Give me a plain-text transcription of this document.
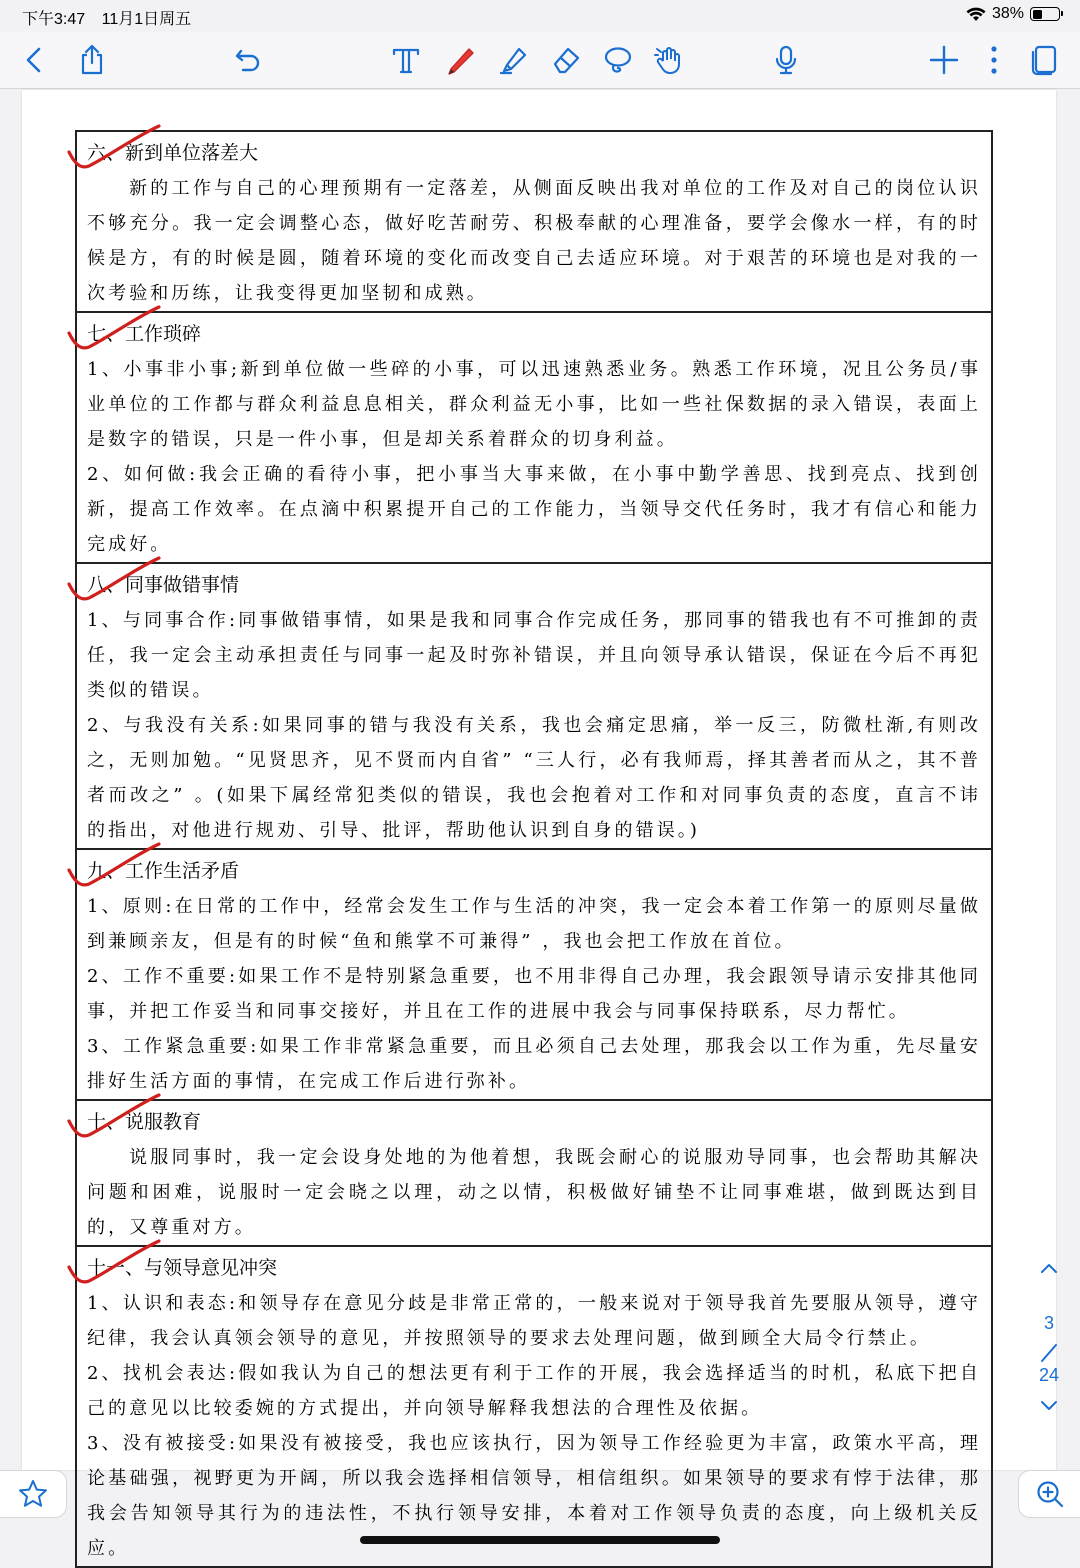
下午3:47 11月1日周五	38%
六、新到单位落差大

新的工作与自己的心理预期有一定落差，从侧面反映出我对单位的工作及对自己的岗位认识不够充分。我一定会调整心态，做好吃苦耐劳、积极奉献的心理准备，要学会像水一样，有的时候是方，有的时候是圆，随着环境的变化而改变自己去适应环境。对于艰苦的环境也是对我的一次考验和历练，让我变得更加坚韧和成熟。

七、工作琐碎

1、小事非小事;新到单位做一些碎的小事，可以迅速熟悉业务。熟悉工作环境，况且公务员/事业单位的工作都与群众利益息息相关，群众利益无小事，比如一些社保数据的录入错误，表面上是数字的错误，只是一件小事，但是却关系着群众的切身利益。

2、如何做:我会正确的看待小事，把小事当大事来做，在小事中勤学善思、找到亮点、找到创新，提高工作效率。在点滴中积累提开自己的工作能力，当领导交代任务时，我才有信心和能力完成好。

八、同事做错事情

1、与同事合作:同事做错事情，如果是我和同事合作完成任务，那同事的错我也有不可推卸的责任，我一定会主动承担责任与同事一起及时弥补错误，并且向领导承认错误，保证在今后不再犯类似的错误。

2、与我没有关系:如果同事的错与我没有关系，我也会痛定思痛，举一反三，防微杜渐,有则改之，无则加勉。“见贤思齐，见不贤而内自省” “三人行，必有我师焉，择其善者而从之，其不普者而改之” 。(如果下属经常犯类似的错误，我也会抱着对工作和对同事负责的态度，直言不讳的指出，对他进行规劝、引导、批评，帮助他认识到自身的错误。)

九、工作生活矛盾

1、原则:在日常的工作中，经常会发生工作与生活的冲突，我一定会本着工作第一的原则尽量做到兼顾亲友，但是有的时候“鱼和熊掌不可兼得” ，我也会把工作放在首位。

2、工作不重要:如果工作不是特别紧急重要，也不用非得自己办理，我会跟领导请示安排其他同事，并把工作妥当和同事交接好，并且在工作的进展中我会与同事保持联系，尽力帮忙。

3、工作紧急重要:如果工作非常紧急重要，而且必须自己去处理，那我会以工作为重，先尽量安排好生活方面的事情，在完成工作后进行弥补。

十、说服教育

说服同事时，我一定会设身处地的为他着想，我既会耐心的说服劝导同事，也会帮助其解决问题和困难，说服时一定会晓之以理，动之以情，积极做好铺垫不让同事难堪，做到既达到目的，又尊重对方。

十一、与领导意见冲突

1、认识和表态:和领导存在意见分歧是非常正常的，一般来说对于领导我首先要服从领导，遵守纪律，我会认真领会领导的意见，并按照领导的要求去处理问题，做到顾全大局令行禁止。

2、找机会表达:假如我认为自己的想法更有利于工作的开展，我会选择适当的时机，私底下把自己的意见以比较委婉的方式提出，并向领导解释我想法的合理性及依据。

3、没有被接受:如果没有被接受，我也应该执行，因为领导工作经验更为丰富，政策水平高，理论基础强，视野更为开阔，所以我会选择相信领导，相信组织。如果领导的要求有悖于法律，那我会告知领导其行为的违法性，不执行领导安排，本着对工作领导负责的态度，向上级机关反应。

3
24
